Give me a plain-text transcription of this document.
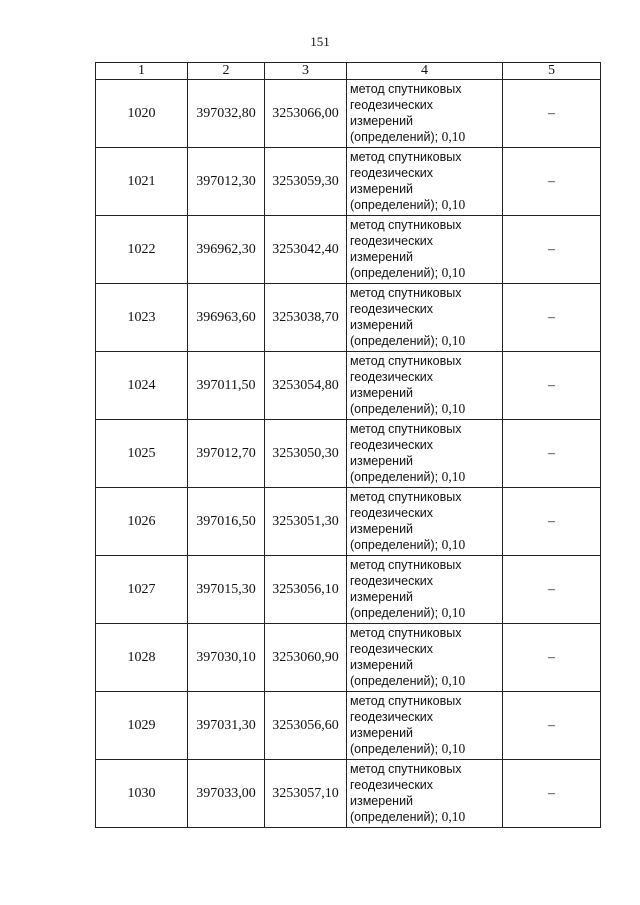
151
1	2	3	4	5
1020	397032,80	3253066,00	метод спутниковых
геодезических
измерений
(определений); 0,10	–
1021	397012,30	3253059,30	метод спутниковых
геодезических
измерений
(определений); 0,10	–
1022	396962,30	3253042,40	метод спутниковых
геодезических
измерений
(определений); 0,10	–
1023	396963,60	3253038,70	метод спутниковых
геодезических
измерений
(определений); 0,10	–
1024	397011,50	3253054,80	метод спутниковых
геодезических
измерений
(определений); 0,10	–
1025	397012,70	3253050,30	метод спутниковых
геодезических
измерений
(определений); 0,10	–
1026	397016,50	3253051,30	метод спутниковых
геодезических
измерений
(определений); 0,10	–
1027	397015,30	3253056,10	метод спутниковых
геодезических
измерений
(определений); 0,10	–
1028	397030,10	3253060,90	метод спутниковых
геодезических
измерений
(определений); 0,10	–
1029	397031,30	3253056,60	метод спутниковых
геодезических
измерений
(определений); 0,10	–
1030	397033,00	3253057,10	метод спутниковых
геодезических
измерений
(определений); 0,10	–
